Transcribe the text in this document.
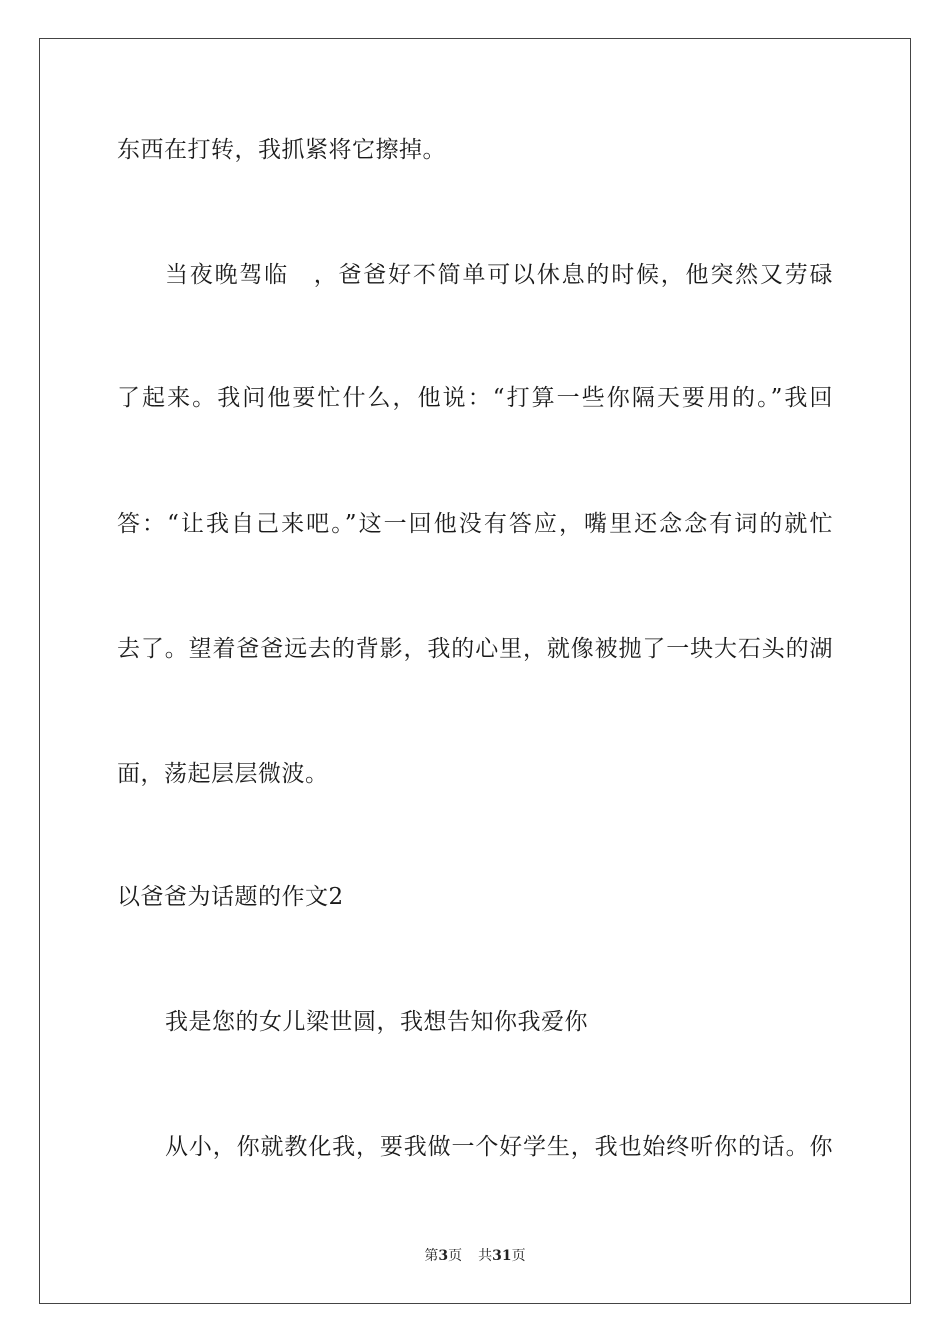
东西在打转，我抓紧将它擦掉。
当夜晚驾临　，爸爸好不简单可以休息的时候，他突然又劳碌
了起来。我问他要忙什么，他说：“打算一些你隔天要用的。”我回
答：“让我自己来吧。”这一回他没有答应，嘴里还念念有词的就忙
去了。望着爸爸远去的背影，我的心里，就像被抛了一块大石头的湖
面，荡起层层微波。
以爸爸为话题的作文2
我是您的女儿梁世圆，我想告知你我爱你
从小，你就教化我，要我做一个好学生，我也始终听你的话。你
第3页 共31页
